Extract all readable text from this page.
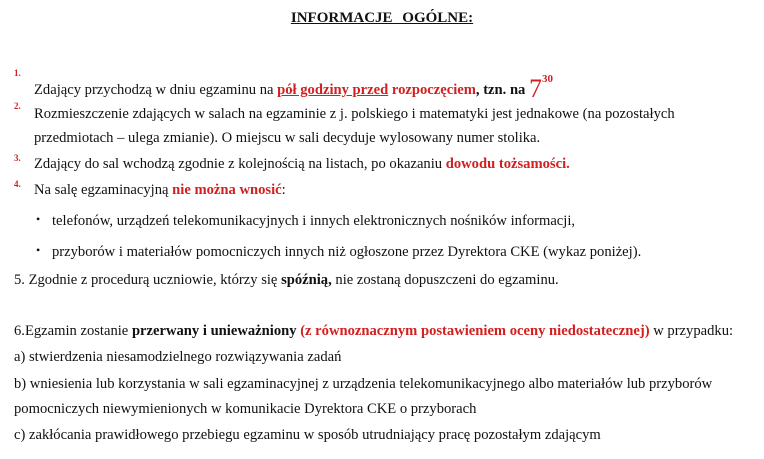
INFORMACJE OGÓLNE:
1.
Zdający przychodzą w dniu egzaminu na pół godziny przed rozpoczęciem, tzn. na $7^{30}$
2. Rozmieszczenie zdających w salach na egzaminie z j. polskiego i matematyki jest jednakowe (na pozostałych
przedmiotach – ulega zmianie). O miejscu w sali decyduje wylosowany numer stolika.
3. Zdający do sal wchodzą zgodnie z kolejnością na listach, po okazaniu dowodu tożsamości.
4. Na salę egzaminacyjną nie można wnosić:
• telefonów, urządzeń telekomunikacyjnych i innych elektronicznych nośników informacji,
• przyborów i materiałów pomocniczych innych niż ogłoszone przez Dyrektora CKE (wykaz poniżej).
5. Zgodnie z procedurą uczniowie, którzy się spóźnią, nie zostaną dopuszczeni do egzaminu.
6.Egzamin zostanie przerwany i unieważniony (z równoznacznym postawieniem oceny niedostatecznej) w przypadku:
a) stwierdzenia niesamodzielnego rozwiązywania zadań
b) wniesienia lub korzystania w sali egzaminacyjnej z urządzenia telekomunikacyjnego albo materiałów lub przyborów
pomocniczych niewymienionych w komunikacie Dyrektora CKE o przyborach
c) zakłócania prawidłowego przebiegu egzaminu w sposób utrudniający pracę pozostałym zdającym
